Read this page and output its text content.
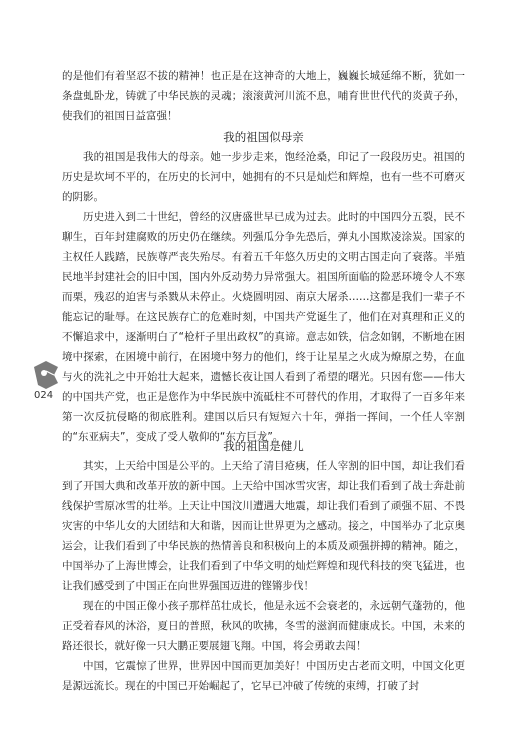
的是他们有着坚忍不拔的精神！也正是在这神奇的大地上，巍巍长城延绵不断，犹如一条盘虬卧龙，铸就了中华民族的灵魂；滚滚黄河川流不息，哺育世世代代的炎黄子孙，使我们的祖国日益富强！

我的祖国似母亲

我的祖国是我伟大的母亲。她一步步走来，饱经沧桑，印记了一段段历史。祖国的历史是坎坷不平的，在历史的长河中，她拥有的不只是灿烂和辉煌，也有一些不可磨灭的阴影。

历史进入到二十世纪，曾经的汉唐盛世早已成为过去。此时的中国四分五裂，民不聊生，百年封建腐败的历史仍在继续。列强瓜分争先恐后，弹丸小国欺凌涂炭。国家的主权任人践踏，民族尊严丧失殆尽。有着五千年悠久历史的文明古国走向了衰落。半殖民地半封建社会的旧中国，国内外反动势力异常强大。祖国所面临的险恶环境令人不寒而栗，残忍的迫害与杀戮从未停止。火烧圆明园、南京大屠杀……这都是我们一辈子不能忘记的耻辱。在这民族存亡的危难时刻，中国共产党诞生了，他们在对真理和正义的不懈追求中，逐渐明白了“枪杆子里出政权”的真谛。意志如铁，信念如钢，不断地在困境中探索，在困境中前行，在困境中努力的他们，终于让星星之火成为燎原之势，在血与火的洗礼之中开始壮大起来，遗憾长夜让国人看到了希望的曙光。只因有您——伟大的中国共产党，也正是您作为中华民族中流砥柱不可替代的作用，才取得了一百多年来第一次反抗侵略的彻底胜利。建国以后只有短短六十年，弹指一挥间，一个任人宰割的“东亚病夫”，变成了受人敬仰的“东方巨龙”。

我的祖国是健儿

其实，上天给中国是公平的。上天给了清目疮痍，任人宰割的旧中国，却让我们看到了开国大典和改革开放的新中国。上天给中国冰雪灾害，却让我们看到了战士奔赴前线保护雪原冰雪的壮举。上天让中国汶川遭遇大地震，却让我们看到了顽强不屈、不畏灾害的中华儿女的大团结和大和谐，因而让世界更为之感动。接之，中国举办了北京奥运会，让我们看到了中华民族的热情善良和积极向上的本质及顽强拼搏的精神。随之，中国举办了上海世博会，让我们看到了中华文明的灿烂辉煌和现代科技的突飞猛进，也让我们感受到了中国正在向世界强国迈进的铿锵步伐！

现在的中国正像小孩子那样茁壮成长，他是永远不会衰老的，永远朝气蓬勃的，他正受着春风的沐浴，夏日的普照，秋风的吹拂，冬雪的滋润而健康成长。中国，未来的路还很长，就好像一只大鹏正要展翅飞翔。中国，将会勇敢去闯！

中国，它震惊了世界，世界因中国而更加美好！中国历史古老而文明，中国文化更是源远流长。现在的中国已开始崛起了，它早已冲破了传统的束缚，打破了封

024
